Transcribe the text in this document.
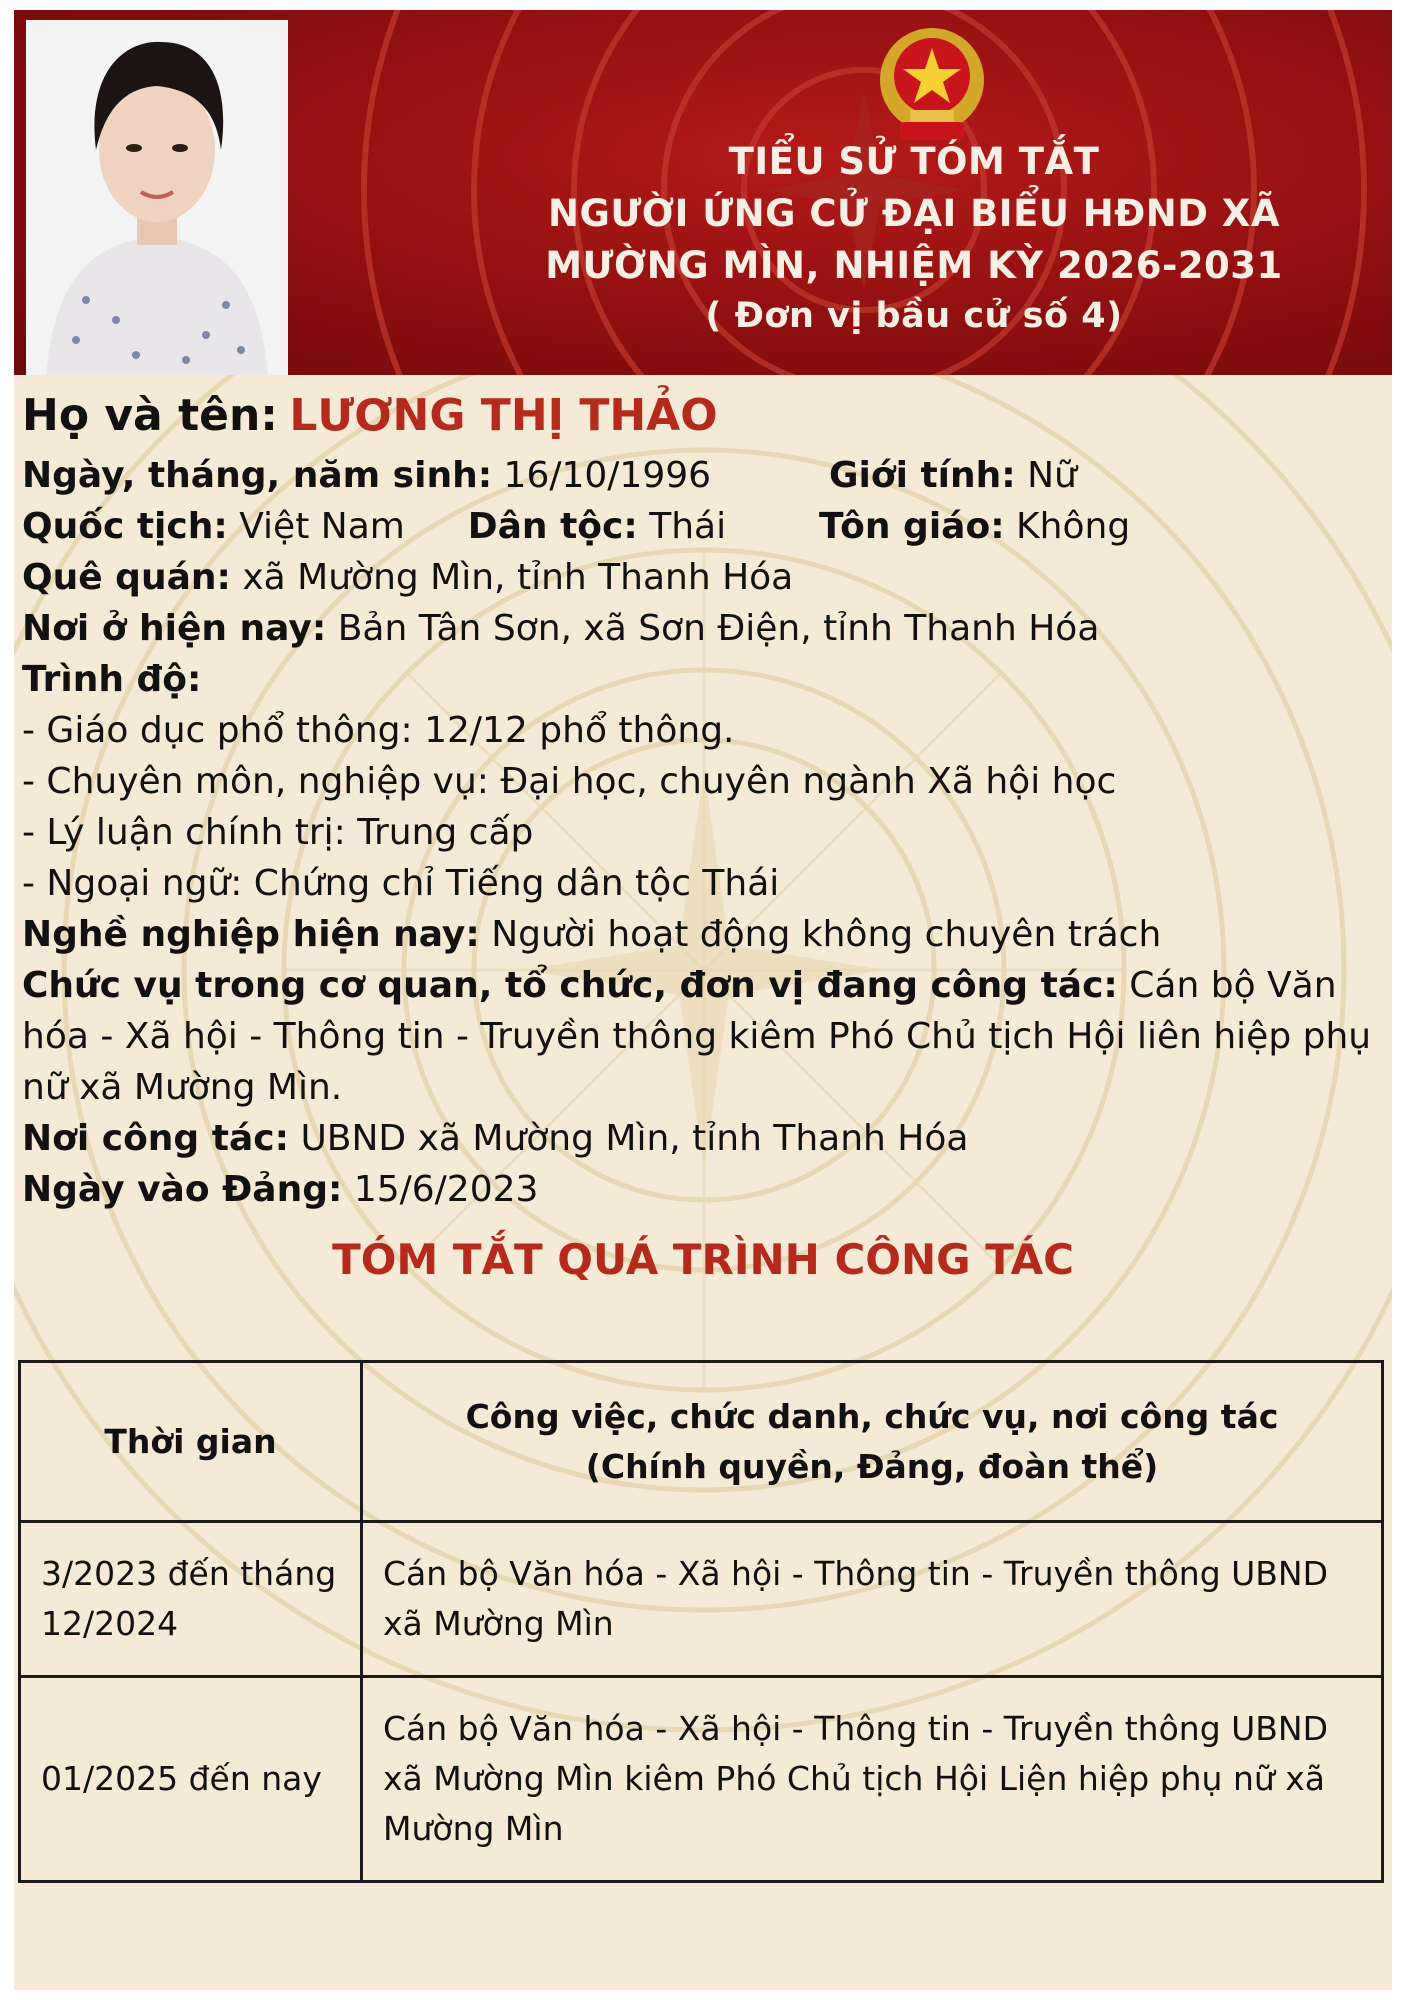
TIỂU SỬ TÓM TẮT
NGƯỜI ỨNG CỬ ĐẠI BIỂU HĐND XÃ
MƯỜNG MÌN, NHIỆM KỲ 2026-2031
( Đơn vị bầu cử số 4)
Họ và tên: LƯƠNG THỊ THẢO
Ngày, tháng, năm sinh: 16/10/1996	Giới tính: Nữ
Quốc tịch: Việt Nam Dân tộc: Thái	Tôn giáo: Không
Quê quán: xã Mường Mìn, tỉnh Thanh Hóa
Nơi ở hiện nay: Bản Tân Sơn, xã Sơn Điện, tỉnh Thanh Hóa
Trình độ:
- Giáo dục phổ thông: 12/12 phổ thông.
- Chuyên môn, nghiệp vụ: Đại học, chuyên ngành Xã hội học
- Lý luận chính trị: Trung cấp
- Ngoại ngữ: Chứng chỉ Tiếng dân tộc Thái
Nghề nghiệp hiện nay: Người hoạt động không chuyên trách
Chức vụ trong cơ quan, tổ chức, đơn vị đang công tác: Cán bộ Văn hóa - Xã hội - Thông tin - Truyền thông kiêm Phó Chủ tịch Hội liên hiệp phụ nữ xã Mường Mìn.
Nơi công tác: UBND xã Mường Mìn, tỉnh Thanh Hóa
Ngày vào Đảng: 15/6/2023
TÓM TẮT QUÁ TRÌNH CÔNG TÁC
Thời gian	Công việc, chức danh, chức vụ, nơi công tác
(Chính quyền, Đảng, đoàn thể)

3/2023 đến tháng 12/2024	Cán bộ Văn hóa - Xã hội - Thông tin - Truyền thông UBND xã Mường Mìn
01/2025 đến nay	Cán bộ Văn hóa - Xã hội - Thông tin - Truyền thông UBND xã Mường Mìn kiêm Phó Chủ tịch Hội Liện hiệp phụ nữ xã Mường Mìn
